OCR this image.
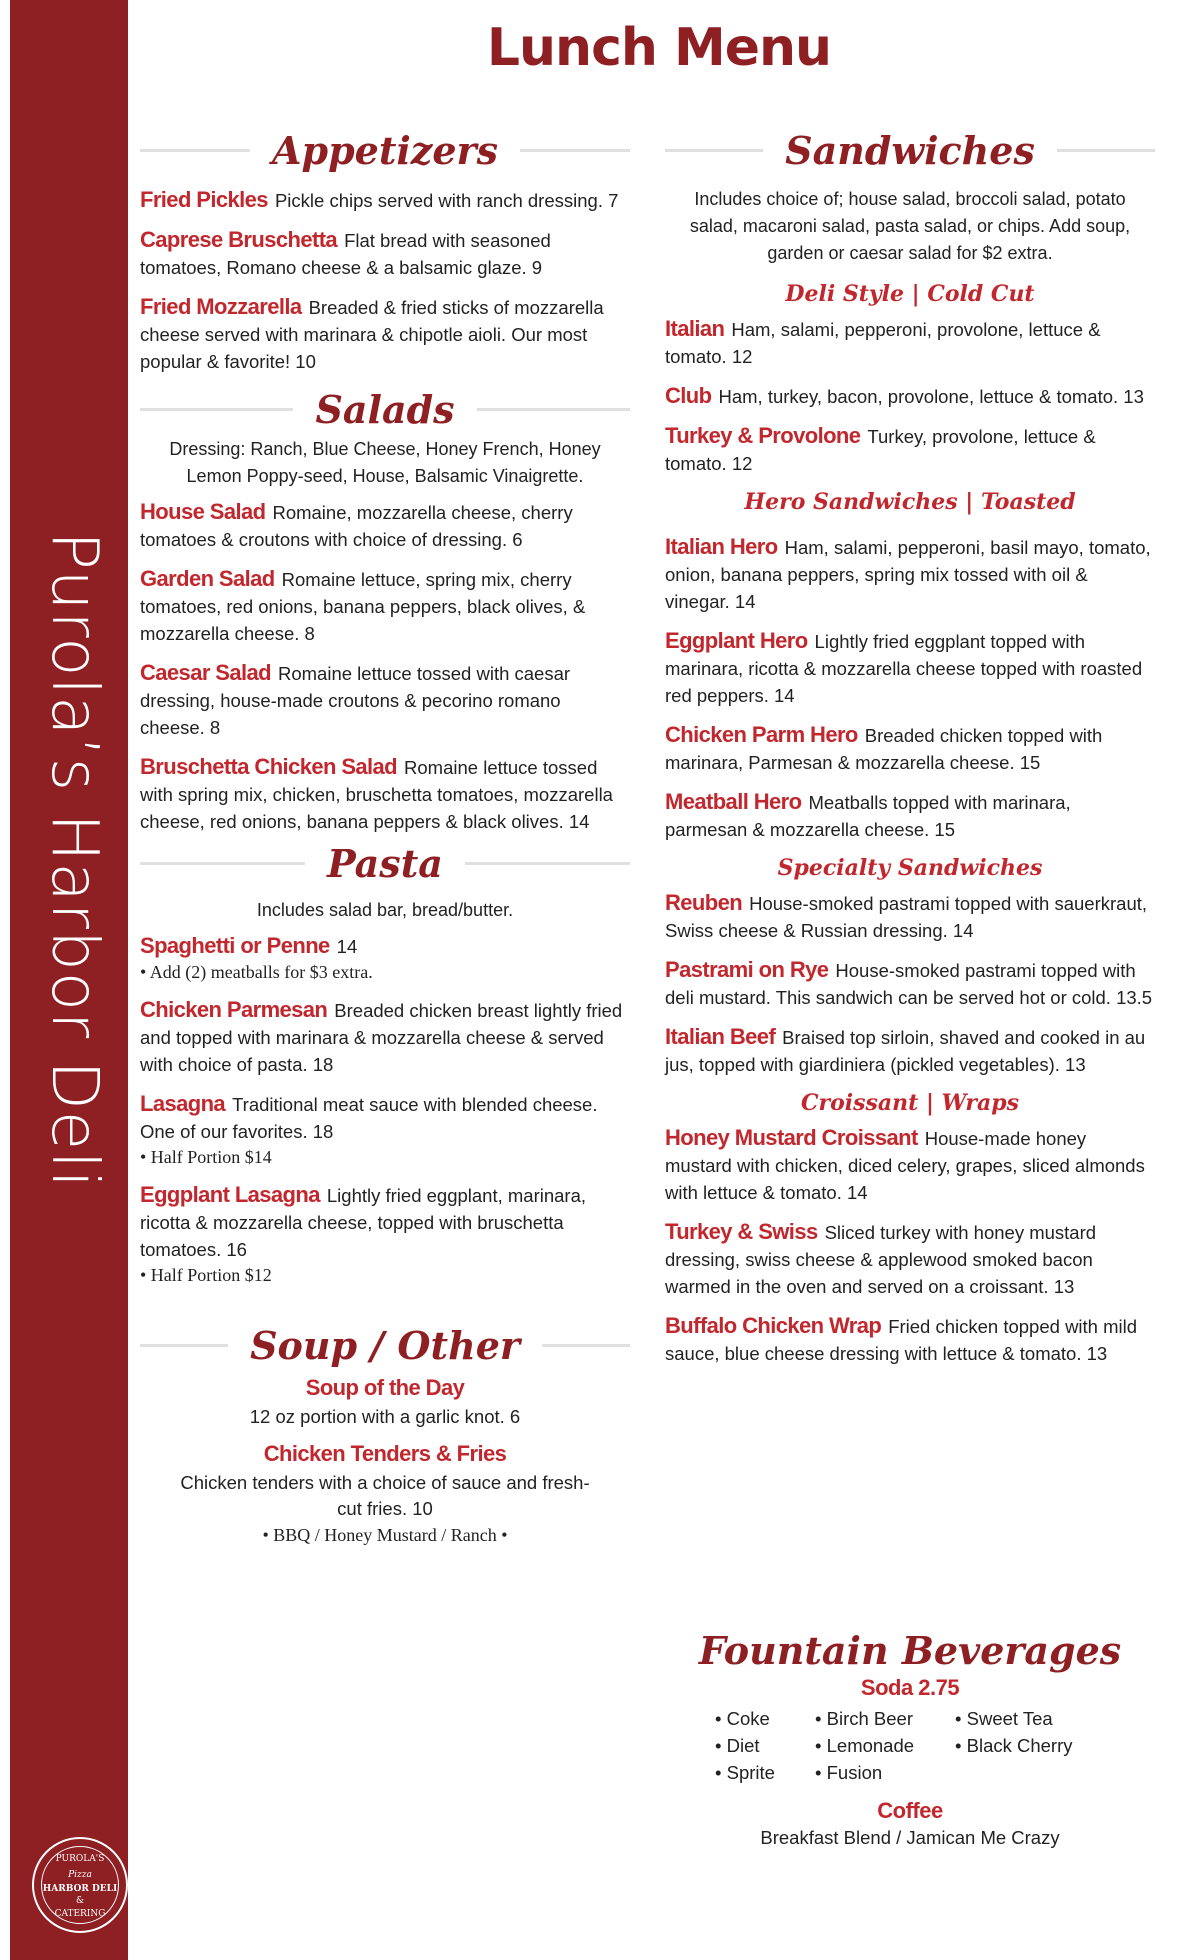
Purola’s Harbor Deli
PUROLA'S
Pizza
HARBOR DELI
&
CATERING
Lunch Menu
Appetizers
Fried Pickles Pickle chips served with ranch dressing. 7
Caprese Bruschetta Flat bread with seasoned tomatoes, Romano cheese & a balsamic glaze. 9
Fried Mozzarella Breaded & fried sticks of mozzarella cheese served with marinara & chipotle aioli. Our most popular & favorite! 10
Salads
Dressing: Ranch, Blue Cheese, Honey French, Honey Lemon Poppy-seed, House, Balsamic Vinaigrette.
House Salad Romaine, mozzarella cheese, cherry tomatoes & croutons with choice of dressing. 6
Garden Salad Romaine lettuce, spring mix, cherry tomatoes, red onions, banana peppers, black olives, & mozzarella cheese. 8
Caesar Salad Romaine lettuce tossed with caesar dressing, house-made croutons & pecorino romano cheese. 8
Bruschetta Chicken Salad Romaine lettuce tossed with spring mix, chicken, bruschetta tomatoes, mozzarella cheese, red onions, banana peppers & black olives. 14
Pasta
Includes salad bar, bread/butter.
Spaghetti or Penne 14
• Add (2) meatballs for $3 extra.
Chicken Parmesan Breaded chicken breast lightly fried and topped with marinara & mozzarella cheese & served with choice of pasta. 18
Lasagna Traditional meat sauce with blended cheese. One of our favorites. 18
• Half Portion $14
Eggplant Lasagna Lightly fried eggplant, marinara, ricotta & mozzarella cheese, topped with bruschetta tomatoes. 16
• Half Portion $12
Soup / Other
Soup of the Day
12 oz portion with a garlic knot. 6
Chicken Tenders & Fries
Chicken tenders with a choice of sauce and fresh-cut fries. 10
• BBQ / Honey Mustard / Ranch •
Sandwiches
Includes choice of; house salad, broccoli salad, potato salad, macaroni salad, pasta salad, or chips. Add soup, garden or caesar salad for $2 extra.
Deli Style | Cold Cut
Italian Ham, salami, pepperoni, provolone, lettuce & tomato. 12
Club Ham, turkey, bacon, provolone, lettuce & tomato. 13
Turkey & Provolone Turkey, provolone, lettuce & tomato. 12
Hero Sandwiches | Toasted
Italian Hero Ham, salami, pepperoni, basil mayo, tomato, onion, banana peppers, spring mix tossed with oil & vinegar. 14
Eggplant Hero Lightly fried eggplant topped with marinara, ricotta & mozzarella cheese topped with roasted red peppers. 14
Chicken Parm Hero Breaded chicken topped with marinara, Parmesan & mozzarella cheese. 15
Meatball Hero Meatballs topped with marinara, parmesan & mozzarella cheese. 15
Specialty Sandwiches
Reuben House-smoked pastrami topped with sauerkraut, Swiss cheese & Russian dressing. 14
Pastrami on Rye House-smoked pastrami topped with deli mustard. This sandwich can be served hot or cold. 13.5
Italian Beef Braised top sirloin, shaved and cooked in au jus, topped with giardiniera (pickled vegetables). 13
Croissant | Wraps
Honey Mustard Croissant House-made honey mustard with chicken, diced celery, grapes, sliced almonds with lettuce & tomato. 14
Turkey & Swiss Sliced turkey with honey mustard dressing, swiss cheese & applewood smoked bacon warmed in the oven and served on a croissant. 13
Buffalo Chicken Wrap Fried chicken topped with mild sauce, blue cheese dressing with lettuce & tomato. 13
Fountain Beverages
Soda 2.75
• Coke	• Birch Beer	• Sweet Tea
• Diet	• Lemonade	• Black Cherry
• Sprite	• Fusion
Coffee
Breakfast Blend / Jamican Me Crazy
